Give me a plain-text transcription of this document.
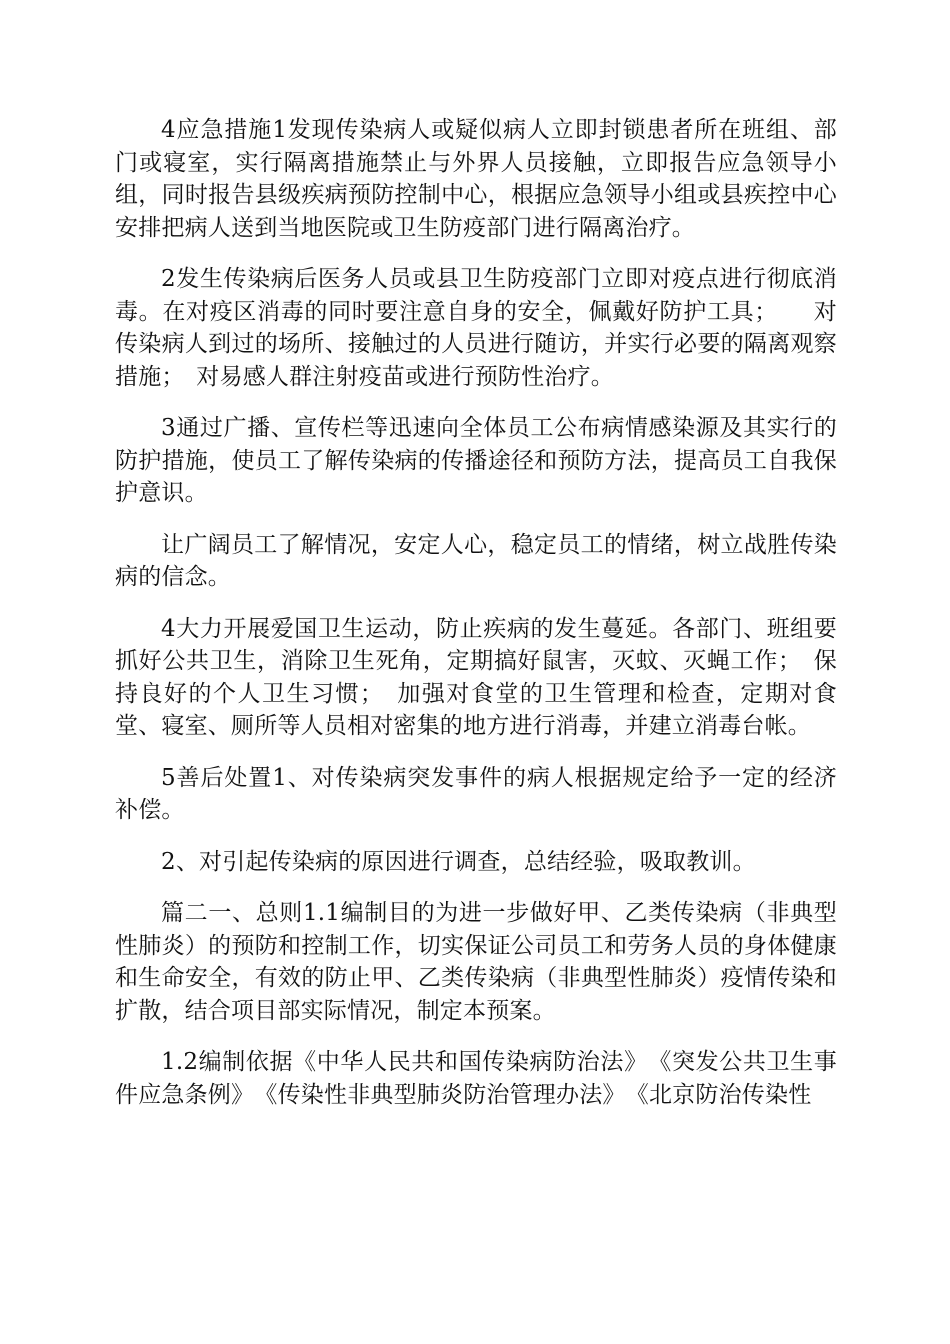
4应急措施1发现传染病人或疑似病人立即封锁患者所在班组、部门或寝室，实行隔离措施禁止与外界人员接触，立即报告应急领导小组，同时报告县级疾病预防控制中心，根据应急领导小组或县疾控中心安排把病人送到当地医院或卫生防疫部门进行隔离治疗。

2发生传染病后医务人员或县卫生防疫部门立即对疫点进行彻底消毒。在对疫区消毒的同时要注意自身的安全，佩戴好防护工具；　　对传染病人到过的场所、接触过的人员进行随访，并实行必要的隔离观察措施；　对易感人群注射疫苗或进行预防性治疗。

3通过广播、宣传栏等迅速向全体员工公布病情感染源及其实行的防护措施，使员工了解传染病的传播途径和预防方法，提高员工自我保护意识。

让广阔员工了解情况，安定人心，稳定员工的情绪，树立战胜传染病的信念。

4大力开展爱国卫生运动，防止疾病的发生蔓延。各部门、班组要抓好公共卫生，消除卫生死角，定期搞好鼠害，灭蚊、灭蝇工作；　保持良好的个人卫生习惯；　加强对食堂的卫生管理和检查，定期对食堂、寝室、厕所等人员相对密集的地方进行消毒，并建立消毒台帐。

5善后处置1、对传染病突发事件的病人根据规定给予一定的经济补偿。

2、对引起传染病的原因进行调查，总结经验，吸取教训。

篇二一、总则1.1编制目的为进一步做好甲、乙类传染病（非典型性肺炎）的预防和控制工作，切实保证公司员工和劳务人员的身体健康和生命安全，有效的防止甲、乙类传染病（非典型性肺炎）疫情传染和扩散，结合项目部实际情况，制定本预案。

1.2编制依据《中华人民共和国传染病防治法》　《突发公共卫生事件应急条例》　《传染性非典型肺炎防治管理办法》　《北京防治传染性
